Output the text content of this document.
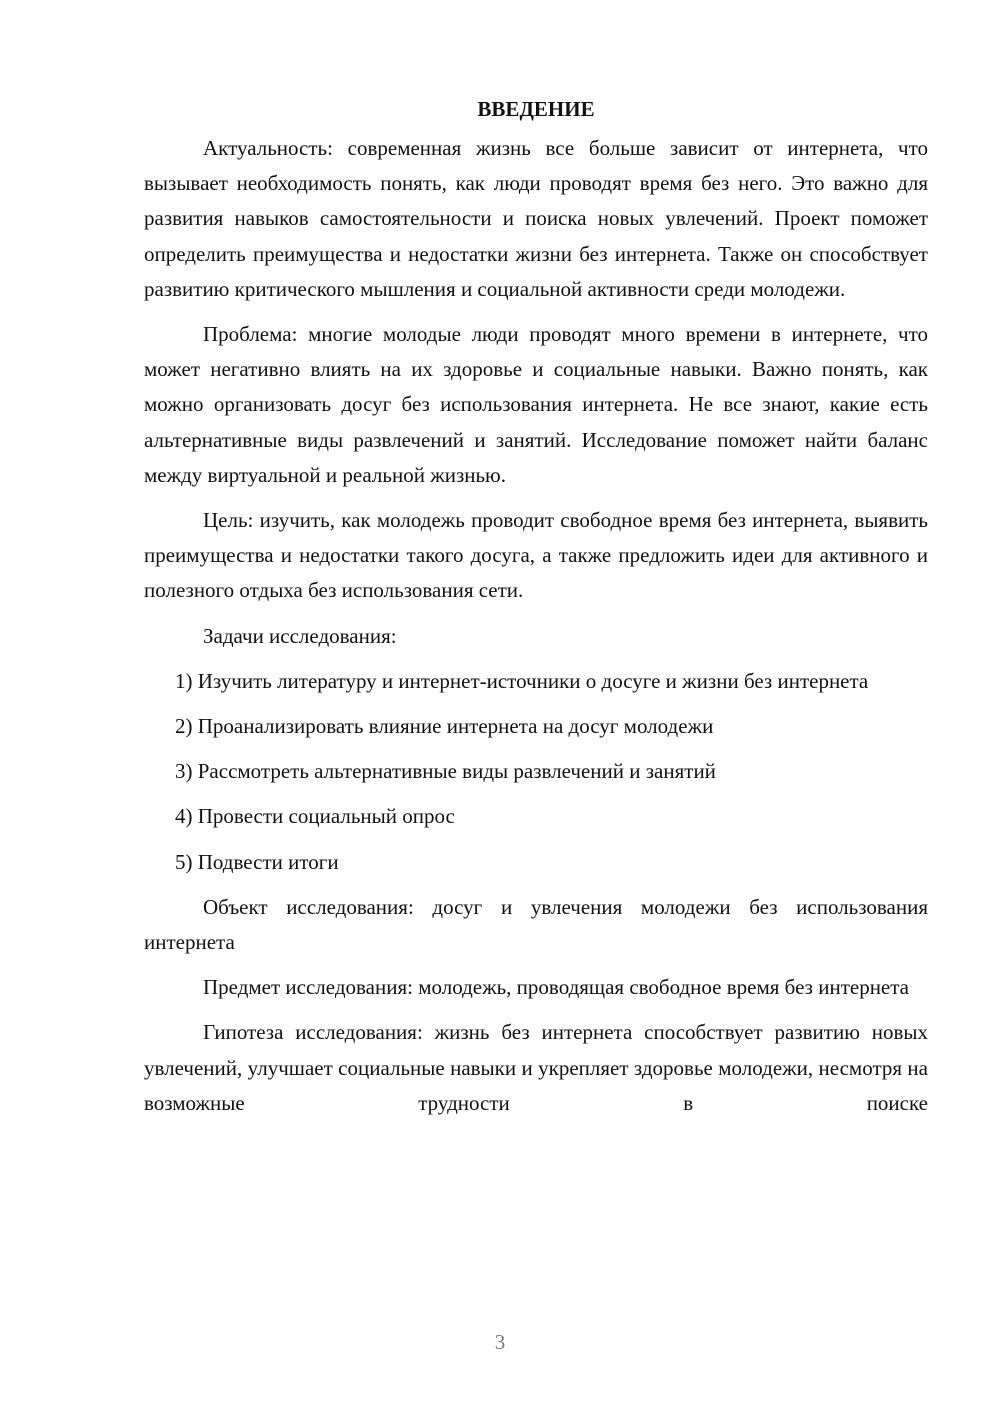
ВВЕДЕНИЕ

Актуальность: современная жизнь все больше зависит от интернета, что вызывает необходимость понять, как люди проводят время без него. Это важно для развития навыков самостоятельности и поиска новых увлечений. Проект поможет определить преимущества и недостатки жизни без интернета. Также он способствует развитию критического мышления и социальной активности среди молодежи.

Проблема: многие молодые люди проводят много времени в интернете, что может негативно влиять на их здоровье и социальные навыки. Важно понять, как можно организовать досуг без использования интернета. Не все знают, какие есть альтернативные виды развлечений и занятий. Исследование поможет найти баланс между виртуальной и реальной жизнью.

Цель: изучить, как молодежь проводит свободное время без интернета, выявить преимущества и недостатки такого досуга, а также предложить идеи для активного и полезного отдыха без использования сети.

Задачи исследования:

1) Изучить литературу и интернет-источники о досуге и жизни без интернета

2) Проанализировать влияние интернета на досуг молодежи

3) Рассмотреть альтернативные виды развлечений и занятий

4) Провести социальный опрос

5) Подвести итоги

Объект исследования: досуг и увлечения молодежи без использования интернета

Предмет исследования: молодежь, проводящая свободное время без интернета

Гипотеза исследования: жизнь без интернета способствует развитию новых увлечений, улучшает социальные навыки и укрепляет здоровье молодежи, несмотря на возможные трудности в поиске

3
